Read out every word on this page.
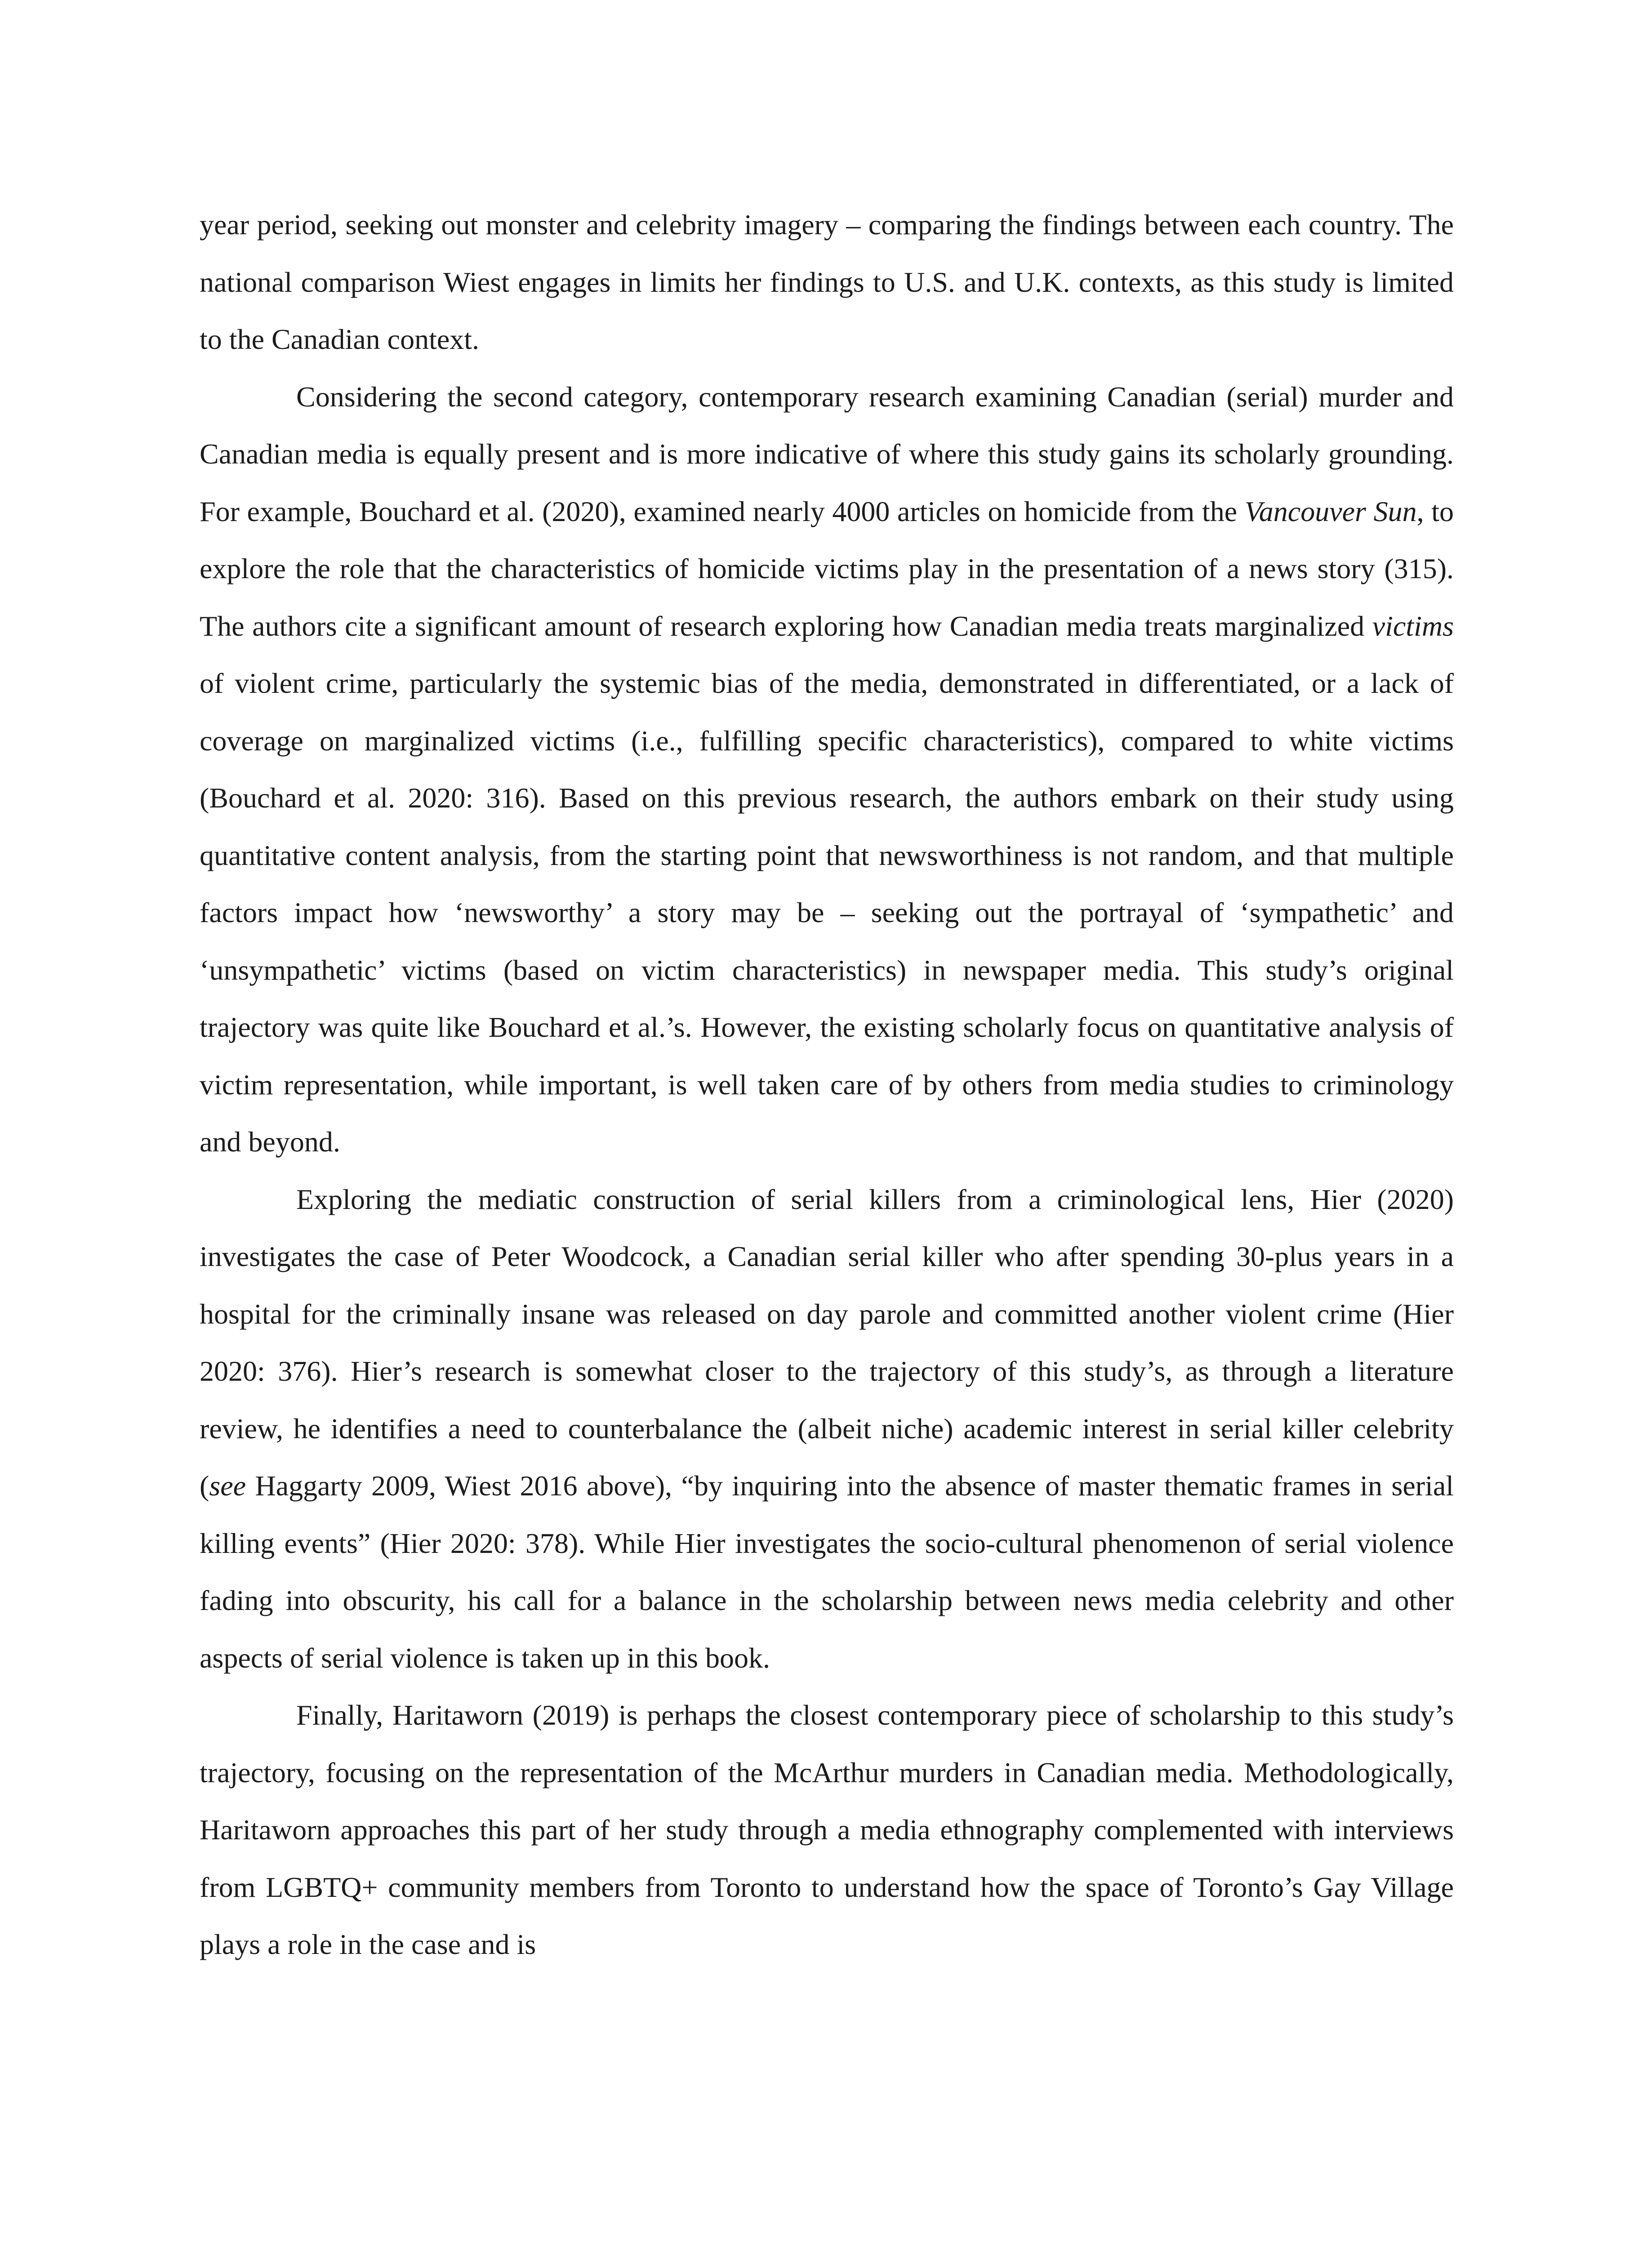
year period, seeking out monster and celebrity imagery – comparing the findings between each country. The national comparison Wiest engages in limits her findings to U.S. and U.K. contexts, as this study is limited to the Canadian context.

Considering the second category, contemporary research examining Canadian (serial) murder and Canadian media is equally present and is more indicative of where this study gains its scholarly grounding. For example, Bouchard et al. (2020), examined nearly 4000 articles on homicide from the Vancouver Sun, to explore the role that the characteristics of homicide victims play in the presentation of a news story (315). The authors cite a significant amount of research exploring how Canadian media treats marginalized victims of violent crime, particularly the systemic bias of the media, demonstrated in differentiated, or a lack of coverage on marginalized victims (i.e., fulfilling specific characteristics), compared to white victims (Bouchard et al. 2020: 316). Based on this previous research, the authors embark on their study using quantitative content analysis, from the starting point that newsworthiness is not random, and that multiple factors impact how ‘newsworthy’ a story may be – seeking out the portrayal of ‘sympathetic’ and ‘unsympathetic’ victims (based on victim characteristics) in newspaper media. This study’s original trajectory was quite like Bouchard et al.’s. However, the existing scholarly focus on quantitative analysis of victim representation, while important, is well taken care of by others from media studies to criminology and beyond.

Exploring the mediatic construction of serial killers from a criminological lens, Hier (2020) investigates the case of Peter Woodcock, a Canadian serial killer who after spending 30-plus years in a hospital for the criminally insane was released on day parole and committed another violent crime (Hier 2020: 376). Hier’s research is somewhat closer to the trajectory of this study’s, as through a literature review, he identifies a need to counterbalance the (albeit niche) academic interest in serial killer celebrity (see Haggarty 2009, Wiest 2016 above), “by inquiring into the absence of master thematic frames in serial killing events” (Hier 2020: 378). While Hier investigates the socio-cultural phenomenon of serial violence fading into obscurity, his call for a balance in the scholarship between news media celebrity and other aspects of serial violence is taken up in this book.

Finally, Haritaworn (2019) is perhaps the closest contemporary piece of scholarship to this study’s trajectory, focusing on the representation of the McArthur murders in Canadian media. Methodologically, Haritaworn approaches this part of her study through a media ethnography complemented with interviews from LGBTQ+ community members from Toronto to understand how the space of Toronto’s Gay Village plays a role in the case and is
